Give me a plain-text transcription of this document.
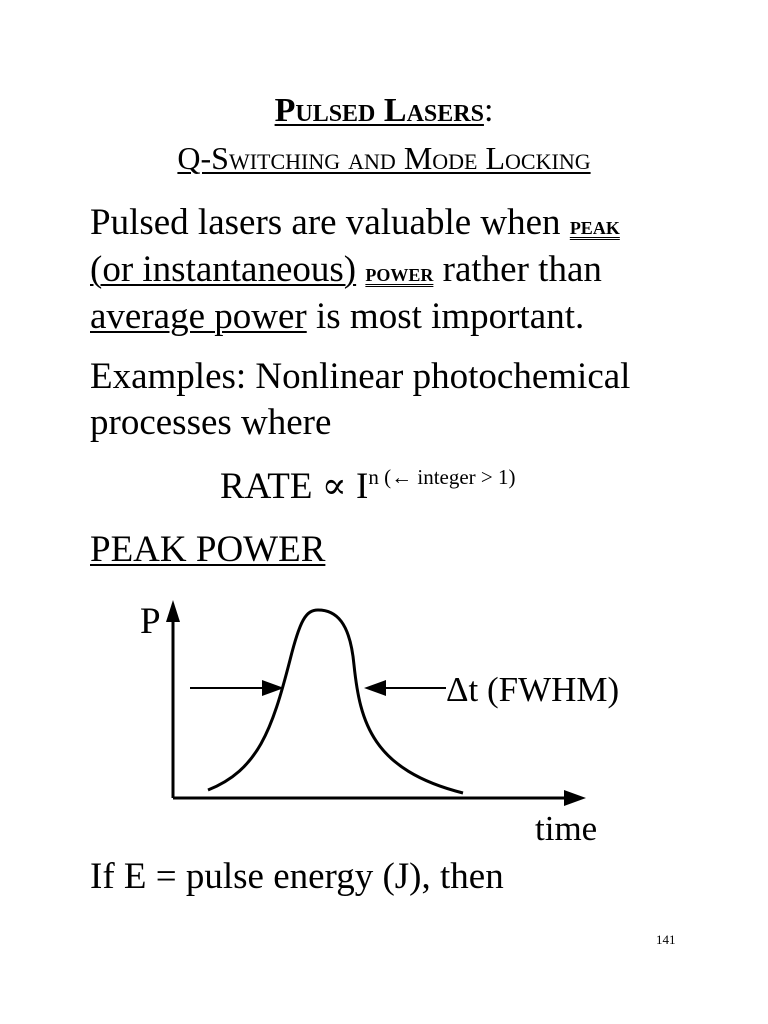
Pulsed Lasers:
Q-Switching and Mode Locking
Pulsed lasers are valuable when peak
(or instantaneous) power rather than
average power is most important.
Examples: Nonlinear photochemical
processes where
RATE ∝ $I^{n (\leftarrow integer > 1)}$
PEAK POWER
P
Δt (FWHM)
time
If E = pulse energy (J), then
141
